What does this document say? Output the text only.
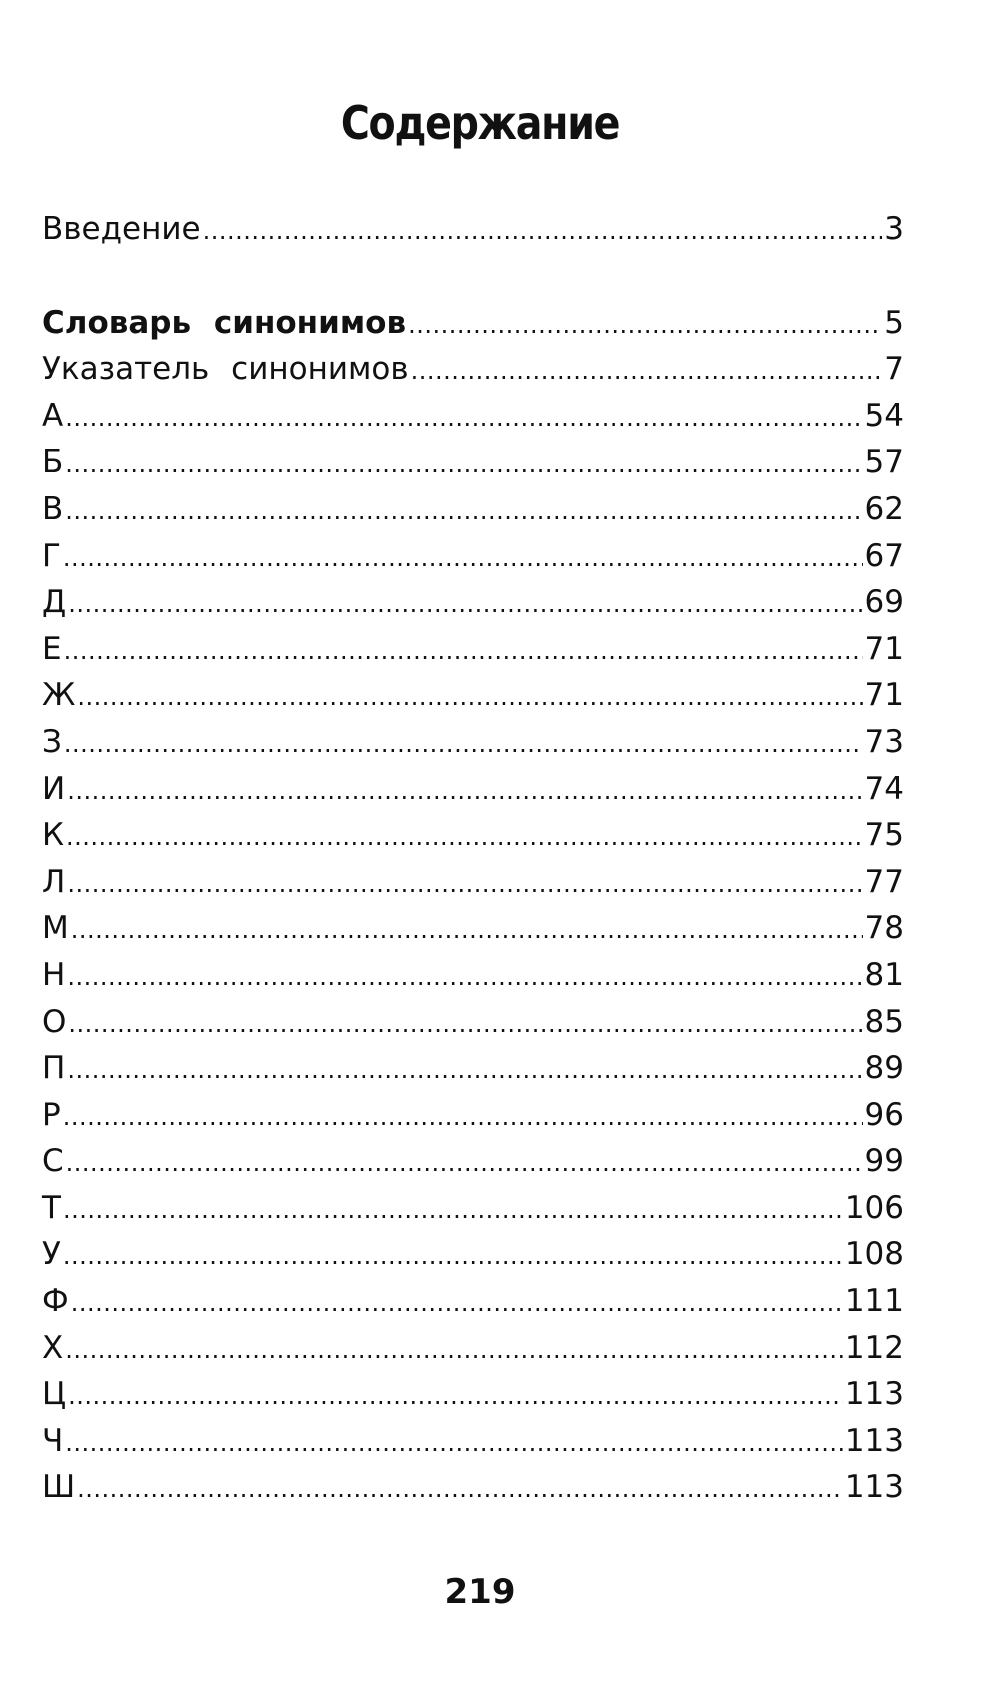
Содержание
Введение .....	3
Словарь синонимов .....	5
Указатель синонимов .....	7
А .....	54
Б .....	57
В .....	62
Г .....	67
Д .....	69
Е .....	71
Ж .....	71
З .....	73
И .....	74
К .....	75
Л .....	77
М .....	78
Н .....	81
О .....	85
П .....	89
Р .....	96
С .....	99
Т .....	106
У .....	108
Ф .....	111
Х .....	112
Ц .....	113
Ч .....	113
Ш .....	113
219
